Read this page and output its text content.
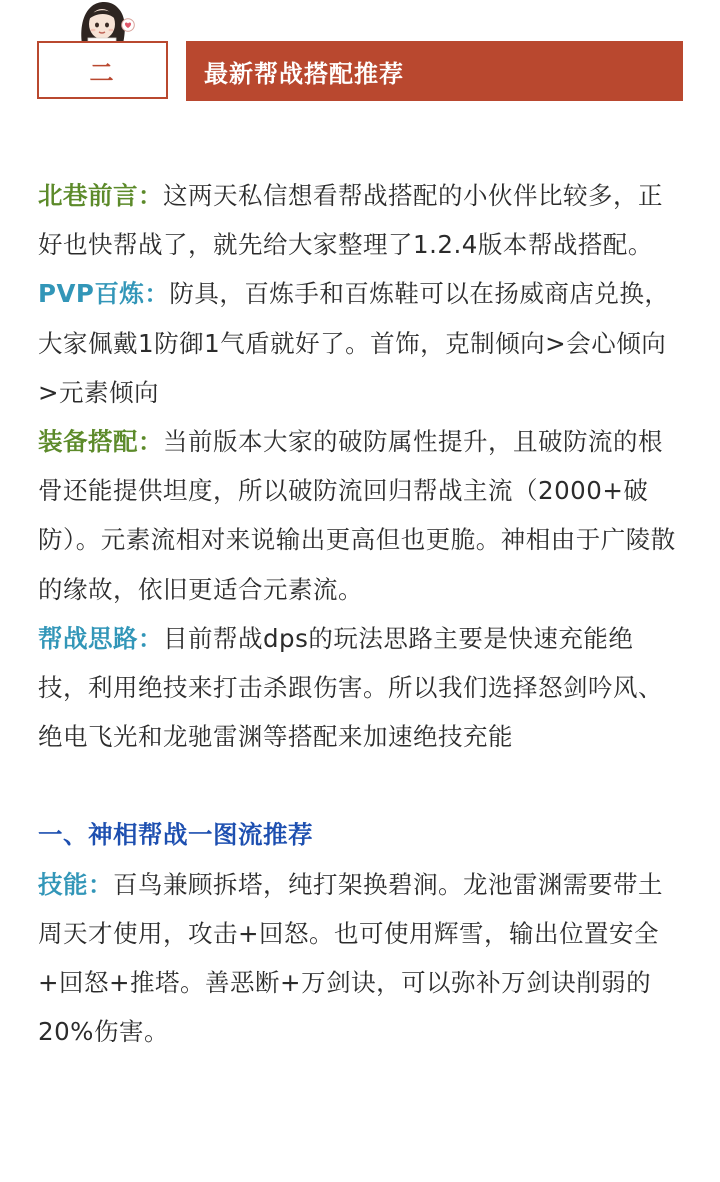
二	最新帮战搭配推荐

北巷前言：这两天私信想看帮战搭配的小伙伴比较多，正好也快帮战了，就先给大家整理了1.2.4版本帮战搭配。

PVP百炼：防具，百炼手和百炼鞋可以在扬威商店兑换，大家佩戴1防御1气盾就好了。首饰，克制倾向>会心倾向>元素倾向

装备搭配：当前版本大家的破防属性提升，且破防流的根骨还能提供坦度，所以破防流回归帮战主流（2000+破防）。元素流相对来说输出更高但也更脆。神相由于广陵散的缘故，依旧更适合元素流。

帮战思路：目前帮战dps的玩法思路主要是快速充能绝技，利用绝技来打击杀跟伤害。所以我们选择怒剑吟风、绝电飞光和龙驰雷渊等搭配来加速绝技充能

一、神相帮战一图流推荐

技能：百鸟兼顾拆塔，纯打架换碧涧。龙池雷渊需要带土周天才使用，攻击+回怒。也可使用辉雪，输出位置安全+回怒+推塔。善恶断+万剑诀，可以弥补万剑诀削弱的20%伤害。
